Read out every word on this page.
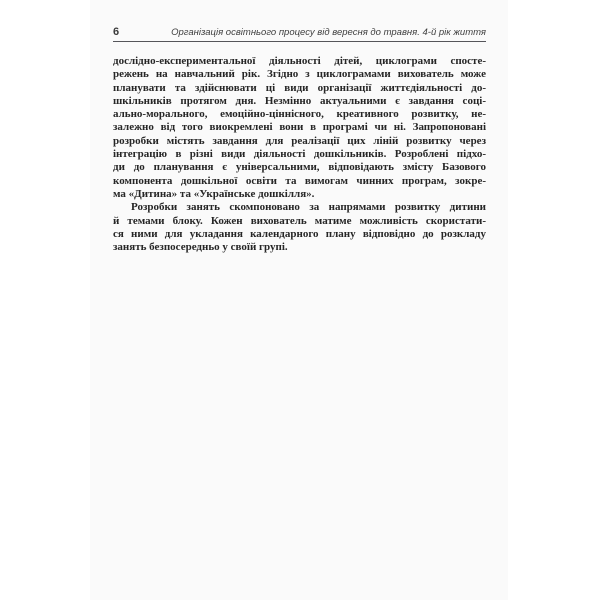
6	Організація освітнього процесу від вересня до травня. 4-й рік життя
дослідно-експериментальної діяльності дітей, циклограми спосте-
режень на навчальний рік. Згідно з циклограмами вихователь може
планувати та здійснювати ці види організації життєдіяльності до-
шкільників протягом дня. Незмінно актуальними є завдання соці-
ально-морального, емоційно-ціннісного, креативного розвитку, не-
залежно від того виокремлені вони в програмі чи ні. Запропоновані
розробки містять завдання для реалізації цих ліній розвитку через
інтеграцію в різні види діяльності дошкільників. Розроблені підхо-
ди до планування є універсальними, відповідають змісту Базового
компонента дошкільної освіти та вимогам чинних програм, зокре-
ма «Дитина» та «Українське дошкілля».
Розробки занять скомпоновано за напрямами розвитку дитини
й темами блоку. Кожен вихователь матиме можливість скористати-
ся ними для укладання календарного плану відповідно до розкладу
занять безпосередньо у своїй групі.
